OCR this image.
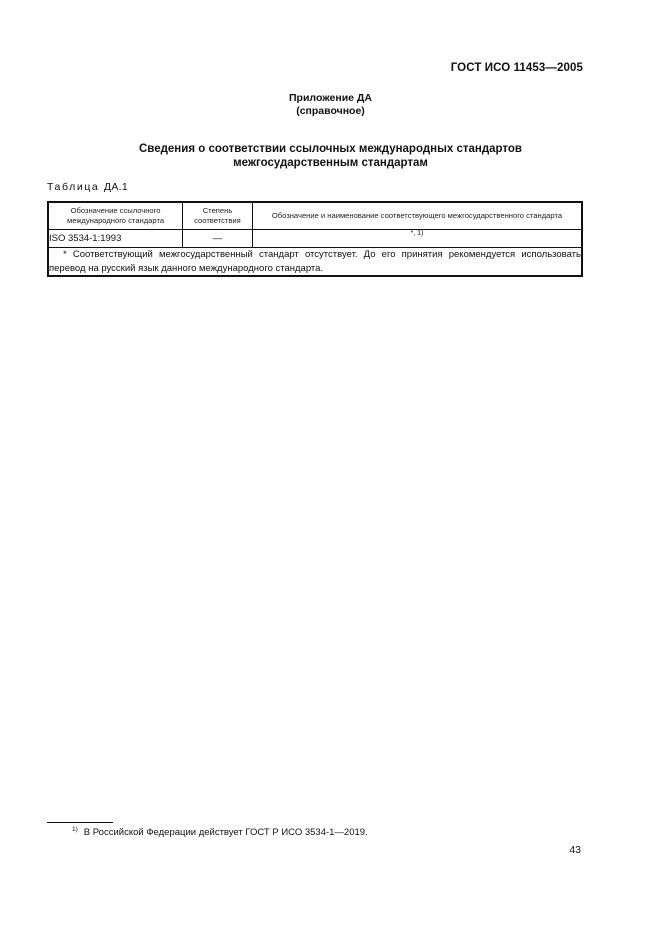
ГОСТ ИСО 11453—2005
Приложение ДА
(справочное)
Сведения о соответствии ссылочных международных стандартов
межгосударственным стандартам
Таблица ДА.1
Обозначение ссылочного международного стандарта	Степень соответствия	Обозначение и наименование соответствующего межгосударственного стандарта
ISO 3534-1:1993	—	*, 1)
* Соответствующий межгосударственный стандарт отсутствует. До его принятия рекомендуется использовать перевод на русский язык данного международного стандарта.		
$^{1)}$ В Российской Федерации действует ГОСТ Р ИСО 3534-1—2019.
43
